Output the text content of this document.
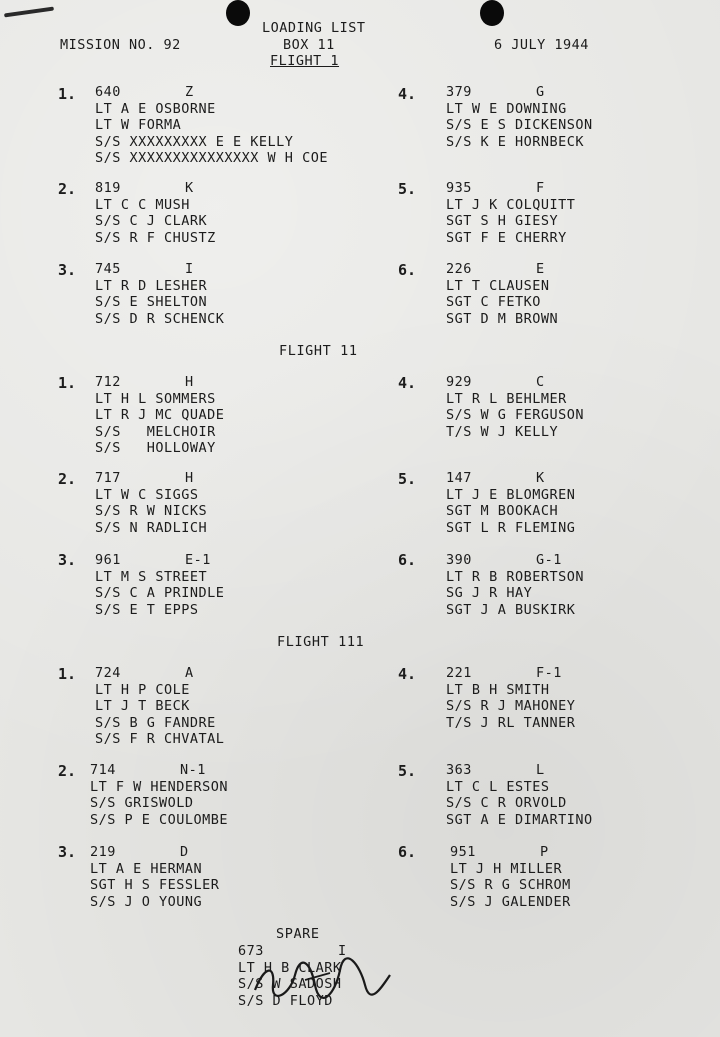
MISSION NO. 92
LOADING LIST
BOX 11
FLIGHT 1
6 JULY 1944
1. 640	Z
LT A E OSBORNE
LT W FORMA
S/S XXXXXXXXX E E KELLY
S/S XXXXXXXXXXXXXXX W H COE
2. 819	K
LT C C MUSH
S/S C J CLARK
S/S R F CHUSTZ
3. 745	I
LT R D LESHER
S/S E SHELTON
S/S D R SCHENCK
4. 379	G
LT W E DOWNING
S/S E S DICKENSON
S/S K E HORNBECK
5. 935	F
LT J K COLQUITT
SGT S H GIESY
SGT F E CHERRY
6. 226	E
LT T CLAUSEN
SGT C FETKO
SGT D M BROWN
FLIGHT 11
1. 712	H
LT H L SOMMERS
LT R J MC QUADE
S/S   MELCHOIR
S/S   HOLLOWAY
2. 717	H
LT W C SIGGS
S/S R W NICKS
S/S N RADLICH
3. 961	E-1
LT M S STREET
S/S C A PRINDLE
S/S E T EPPS
4. 929	C
LT R L BEHLMER
S/S W G FERGUSON
T/S W J KELLY
5. 147	K
LT J E BLOMGREN
SGT M BOOKACH
SGT L R FLEMING
6. 390	G-1
LT R B ROBERTSON
SG J R HAY
SGT J A BUSKIRK
FLIGHT 111
1. 724	A
LT H P COLE
LT J T BECK
S/S B G FANDRE
S/S F R CHVATAL
2. 714	N-1
LT F W HENDERSON
S/S GRISWOLD
S/S P E COULOMBE
3. 219	D
LT A E HERMAN
SGT H S FESSLER
S/S J O YOUNG
4. 221	F-1
LT B H SMITH
S/S R J MAHONEY
T/S J RL TANNER
5. 363	L
LT C L ESTES
S/S C R ORVOLD
SGT A E DIMARTINO
6.	951	P
LT J H MILLER
S/S R G SCHROM
S/S J GALENDER
SPARE
673	I
LT H B CLARK
S/S W SADOSH
S/S D FLOYD
